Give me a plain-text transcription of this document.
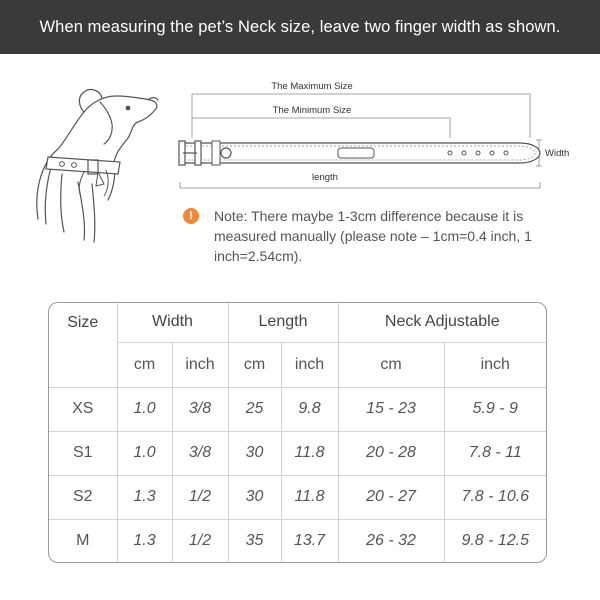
When measuring the pet’s Neck size, leave two finger width as shown.
The Maximum Size
The Minimum Size
length
Width
!	Note: There maybe 1-3cm difference because it is measured manually (please note – 1cm=0.4 inch, 1 inch=2.54cm).
Size	Width		Length		Neck Adjustable	
	cm	inch	cm	inch	cm	inch
XS	1.0	3/8	25	9.8	15 - 23	5.9 - 9
S1	1.0	3/8	30	11.8	20 - 28	7.8 - 11
S2	1.3	1/2	30	11.8	20 - 27	7.8 - 10.6
M	1.3	1/2	35	13.7	26 - 32	9.8 - 12.5
